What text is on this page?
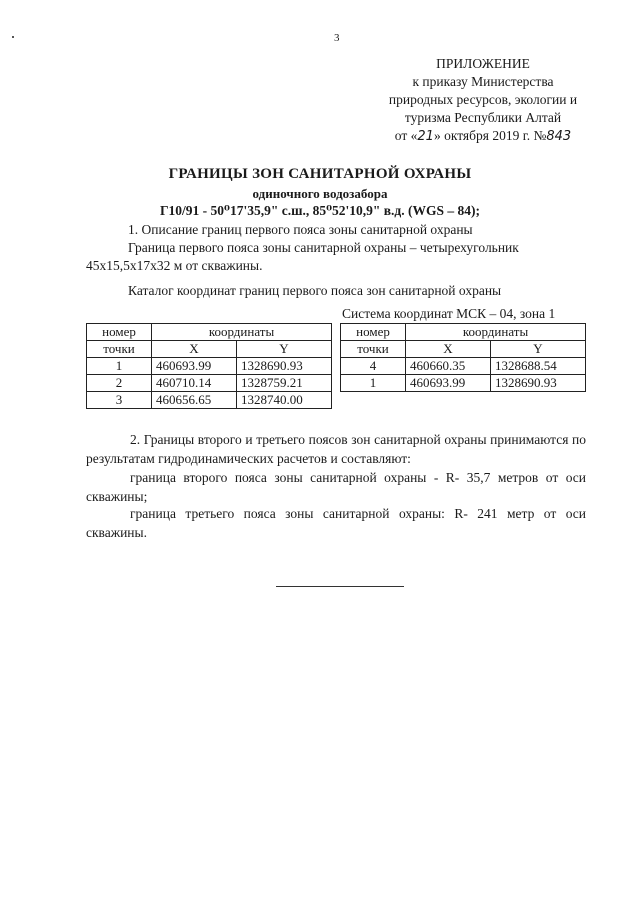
3
ПРИЛОЖЕНИЕ
к приказу Министерства
природных ресурсов, экологии и
туризма Республики Алтай
от «21» октября 2019 г. №843
ГРАНИЦЫ ЗОН САНИТАРНОЙ ОХРАНЫ
одиночного водозабора
Г10/91 - 50⁰17'35,9" с.ш., 85⁰52'10,9" в.д. (WGS – 84);
1. Описание границ первого пояса зоны санитарной охраны
Граница первого пояса зоны санитарной охраны – четырехугольник
45х15,5х17х32 м от скважины.
Каталог координат границ первого пояса зон санитарной охраны
Система координат МСК – 04, зона 1
номер	координаты	
точки	X	Y
1	460693.99	1328690.93
2	460710.14	1328759.21
3	460656.65	1328740.00
номер	координаты	
точки	X	Y
4	460660.35	1328688.54
1	460693.99	1328690.93
2. Границы второго и третьего поясов зон санитарной охраны принимаются по результатам гидродинамических расчетов и составляют:
граница второго пояса зоны санитарной охраны - R- 35,7 метров от оси скважины;
граница третьего пояса зоны санитарной охраны: R- 241 метр от оси скважины.
